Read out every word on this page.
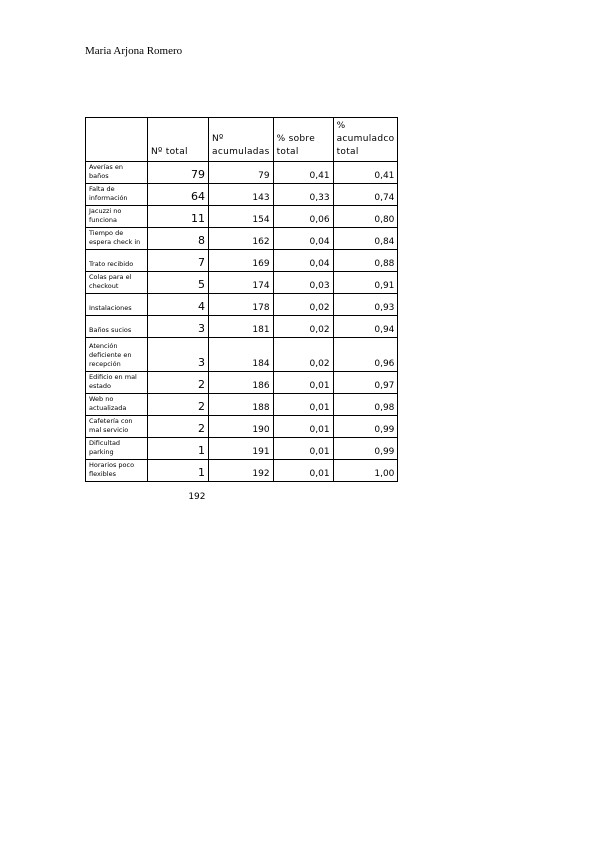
Maria Arjona Romero
	Nº total	Nº acumuladas	% sobre total	% acumuladco total
Averías en baños	79	79	0,41	0,41
Falta de información	64	143	0,33	0,74
Jacuzzi no funciona	11	154	0,06	0,80
Tiempo de espera check in	8	162	0,04	0,84
Trato recibido	7	169	0,04	0,88
Colas para el checkout	5	174	0,03	0,91
Instalaciones	4	178	0,02	0,93
Baños sucios	3	181	0,02	0,94
Atención deficiente en recepción	3	184	0,02	0,96
Edificio en mal estado	2	186	0,01	0,97
Web no actualizada	2	188	0,01	0,98
Cafetería con mal servicio	2	190	0,01	0,99
Dificultad parking	1	191	0,01	0,99
Horarios poco flexibles	1	192	0,01	1,00
	192			
